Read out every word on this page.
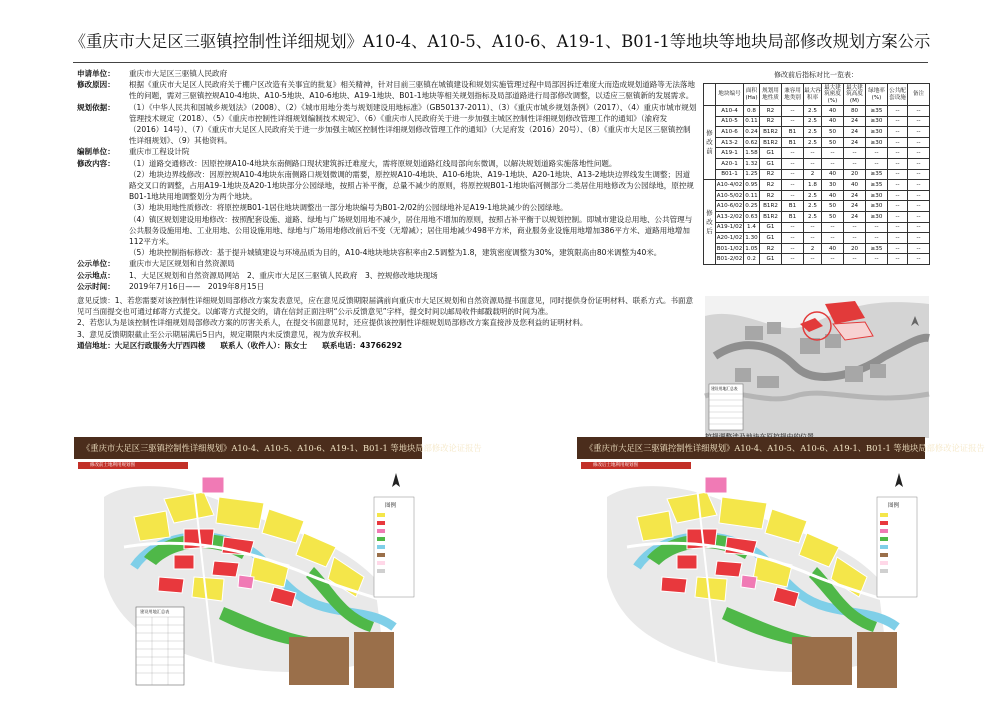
《重庆市大足区三驱镇控制性详细规划》A10-4、A10-5、A10-6、A19-1、B01-1等地块等地块局部修改规划方案公示
申请单位：	重庆市大足区三驱镇人民政府
修改原因：	根据《重庆市大足区人民政府关于棚户区改造有关事宜的批复》相关精神，针对目前三驱镇在城镇建设和规划实施管理过程中局部因拆迁难度大而造成规划道路等无法落地性的问题，需对三驱镇控规A10-4地块、A10-5地块、A10-6地块、A19-1地块、B01-1地块等相关规划指标及局部道路进行局部修改调整，以适应三驱镇新的发展需求。
规划依据：	（1）《中华人民共和国城乡规划法》（2008）、（2）《城市用地分类与规划建设用地标准》（GB50137-2011）、（3）《重庆市城乡规划条例》（2017）、（4）重庆市城市规划管理技术规定（2018）、（5）《重庆市控制性详细规划编制技术规定》、（6）《重庆市人民政府关于进一步加强主城区控制性详细规划修改管理工作的通知》（渝府发（2016）14号）、（7）《重庆市大足区人民政府关于进一步加强主城区控制性详细规划修改管理工作的通知》（大足府发（2016）20号）、（8）《重庆市大足区三驱镇控制性详细规划》、（9）其他资料。
编制单位：	重庆市工程设计院
修改内容：	（1）道路交通修改：因原控规A10-4地块东南侧路口现状建筑拆迁难度大，需将原规划道路红线局部向东微调，以解决规划道路实施落地性问题。
（2）地块边界线修改：因原控规A10-4地块东南侧路口规划微调的需要，原控规A10-4地块、A10-6地块、A19-1地块、A20-1地块、A13-2地块边界线发生调整；因道路交叉口的调整，占用A19-1地块及A20-1地块部分公园绿地，按照占补平衡，总量不减少的原则，将原控规B01-1地块临河侧部分二类居住用地修改为公园绿地，原控规B01-1地块用地调整划分为两个地块。
（3）地块用地性质修改：将原控规B01-1居住地块调整出一部分地块编号为B01-2/02的公园绿地补足A19-1地块减少的公园绿地。
（4）镇区规划建设用地修改：按照配套设施、道路、绿地与广场规划用地不减少，居住用地不增加的原则，按照占补平衡于以规划控制。即城市建设总用地、公共管理与公共服务设施用地、工业用地、公用设施用地、绿地与广场用地修改前后不变（无增减）；居住用地减少498平方米，商业服务业设施用地增加386平方米、道路用地增加112平方米。
（5）地块控制指标修改：基于提升城镇建设与环境品质为目的，A10-4地块地块容积率由2.5调整为1.8，建筑密度调整为30%，建筑限高由80米调整为40米。
公示单位：	重庆市大足区规划和自然资源局
公示地点：	1、大足区规划和自然资源局网站　2、重庆市大足区三驱镇人民政府　3、控规修改地块现场
公示时间：	2019年7月16日——　2019年8月15日
意见反馈：1、若您需要对该控制性详细规划局部修改方案发表意见，应在意见反馈期限届满前向重庆市大足区规划和自然资源局提书面意见，同时提供身份证明材料、联系方式。书面意见可当面提交也可通过邮寄方式提交。以邮寄方式提交的，请在信封正面注明“公示反馈意见”字样，提交时间以邮局收件邮戳载明的时间为准。
2、若您认为是该控制性详细规划局部修改方案的厉害关系人，在提交书面意见时，还应提供该控制性详细规划局部修改方案直接涉及您利益的证明材料。
3、意见反馈期限截止至公示期届满后5日内，规定期限内未反馈意见，视为放弃权利。
通信地址：大足区行政服务大厅西四楼　　联系人（收件人）：陈女士　　联系电话：43766292
修改前后指标对比一览表：
	地块编号	面积(Ha)	规划用地性质	兼容用地类别	最大容积率	最大建筑密度(%)	最大建筑高度(M)	绿地率(%)	公共配套设施	备注
修改前	A10-4	0.8	R2	--	2.5	40	80	≥35	--	--
	A10-5	0.11	R2	--	2.5	40	24	≥30	--	--
	A10-6	0.24	B1R2	B1	2.5	50	24	≥30	--	--
	A13-2	0.62	B1R2	B1	2.5	50	24	≥30	--	--
	A19-1	1.58	G1	--	--	--	--	--	--	--
	A20-1	1.32	G1	--	--	--	--	--	--	--
	B01-1	1.25	R2	--	2	40	20	≥35	--	--
修改后	A10-4/02	0.95	R2	--	1.8	30	40	≥35	--	--
	A10-5/02	0.11	R2	--	2.5	40	24	≥30	--	--
	A10-6/02	0.25	B1R2	B1	2.5	50	24	≥30	--	--
	A13-2/02	0.63	B1R2	B1	2.5	50	24	≥30	--	--
	A19-1/02	1.4	G1	--	--	--	--	--	--	--
	A20-1/02	1.30	G1	--	--	--	--	--	--	--
	B01-1/02	1.05	R2	--	2	40	20	≥35	--	--
	B01-2/02	0.2	G1	--	--	--	--	--	--	--
建设用地汇总表
《重庆市大足区三驱镇控制性详细规划》A10-4、A10-5、A10-6、A19-1、B01-1 等地块局部修改论证报告
修改前土地利用规划图
图例
建设用地汇总表
《重庆市大足区三驱镇控制性详细规划》A10-4、A10-5、A10-6、A19-1、B01-1 等地块局部修改论证报告
修改后土地利用规划图
图例
